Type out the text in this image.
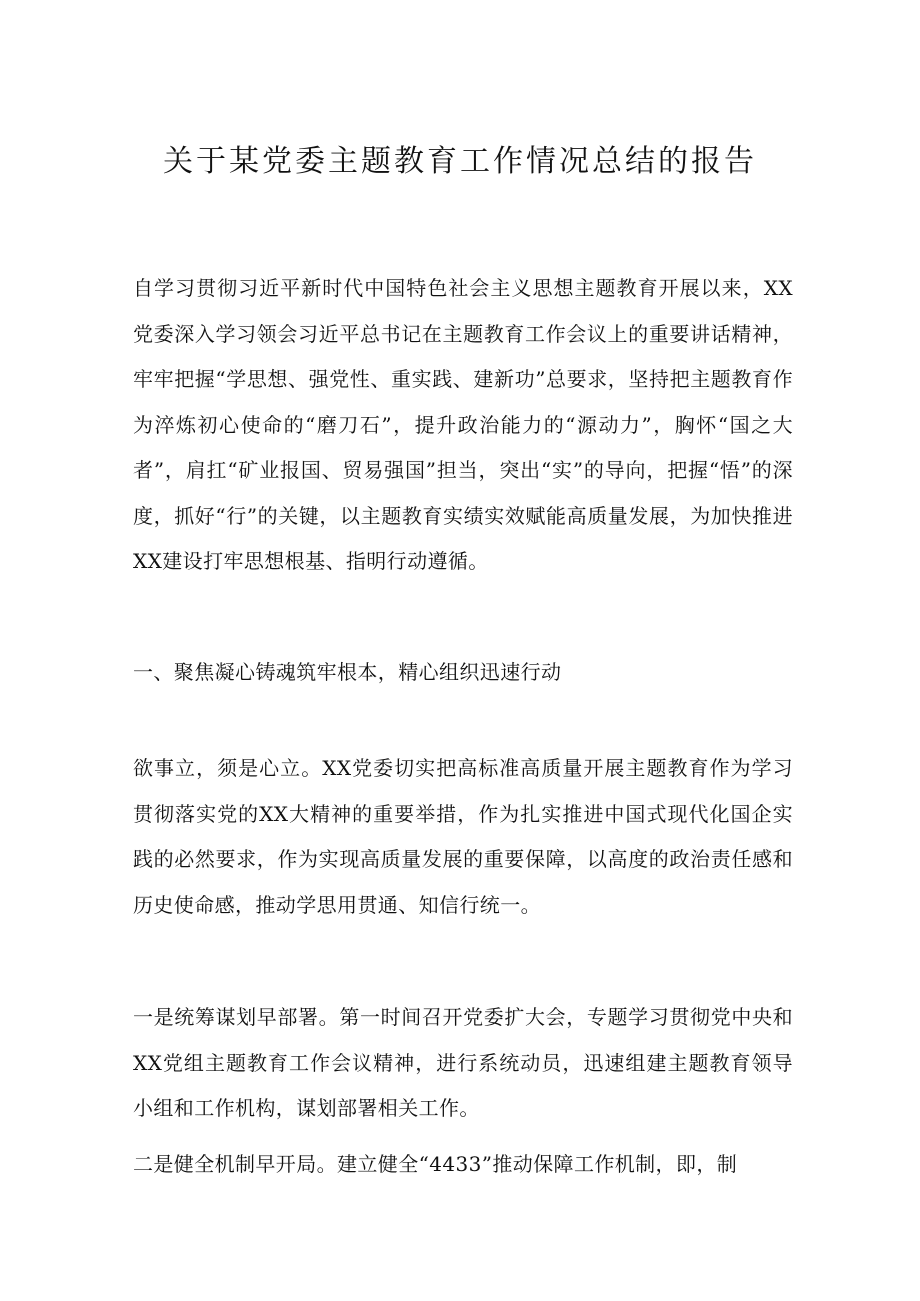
关于某党委主题教育工作情况总结的报告

自学习贯彻习近平新时代中国特色社会主义思想主题教育开展以来，XX党委深入学习领会习近平总书记在主题教育工作会议上的重要讲话精神，牢牢把握“学思想、强党性、重实践、建新功”总要求，坚持把主题教育作为淬炼初心使命的“磨刀石”，提升政治能力的“源动力”，胸怀“国之大者”，肩扛“矿业报国、贸易强国”担当，突出“实”的导向，把握“悟”的深度，抓好“行”的关键，以主题教育实绩实效赋能高质量发展，为加快推进XX建设打牢思想根基、指明行动遵循。

一、聚焦凝心铸魂筑牢根本，精心组织迅速行动

欲事立，须是心立。XX党委切实把高标准高质量开展主题教育作为学习贯彻落实党的XX大精神的重要举措，作为扎实推进中国式现代化国企实践的必然要求，作为实现高质量发展的重要保障，以高度的政治责任感和历史使命感，推动学思用贯通、知信行统一。

一是统筹谋划早部署。第一时间召开党委扩大会，专题学习贯彻党中央和XX党组主题教育工作会议精神，进行系统动员，迅速组建主题教育领导小组和工作机构，谋划部署相关工作。

二是健全机制早开局。建立健全“4433”推动保障工作机制，即，制
